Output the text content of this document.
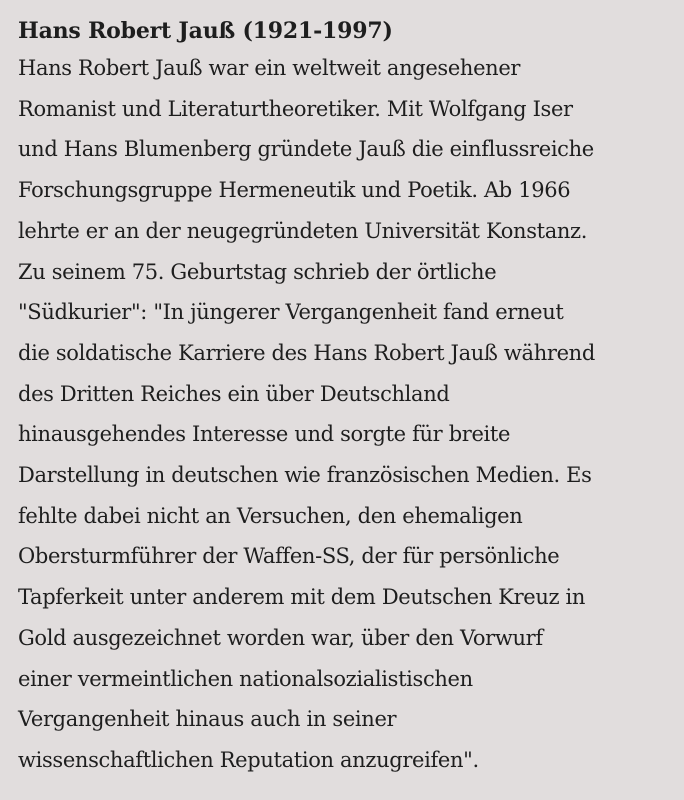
Hans Robert Jauß (1921-1997)
Hans Robert Jauß war ein weltweit angesehener
Romanist und Literaturtheoretiker. Mit Wolfgang Iser
und Hans Blumenberg gründete Jauß die einflussreiche
Forschungsgruppe Hermeneutik und Poetik. Ab 1966
lehrte er an der neugegründeten Universität Konstanz.
Zu seinem 75. Geburtstag schrieb der örtliche
"Südkurier": "In jüngerer Vergangenheit fand erneut
die soldatische Karriere des Hans Robert Jauß während
des Dritten Reiches ein über Deutschland
hinausgehendes Interesse und sorgte für breite
Darstellung in deutschen wie französischen Medien. Es
fehlte dabei nicht an Versuchen, den ehemaligen
Obersturmführer der Waffen-SS, der für persönliche
Tapferkeit unter anderem mit dem Deutschen Kreuz in
Gold ausgezeichnet worden war, über den Vorwurf
einer vermeintlichen nationalsozialistischen
Vergangenheit hinaus auch in seiner
wissenschaftlichen Reputation anzugreifen".
